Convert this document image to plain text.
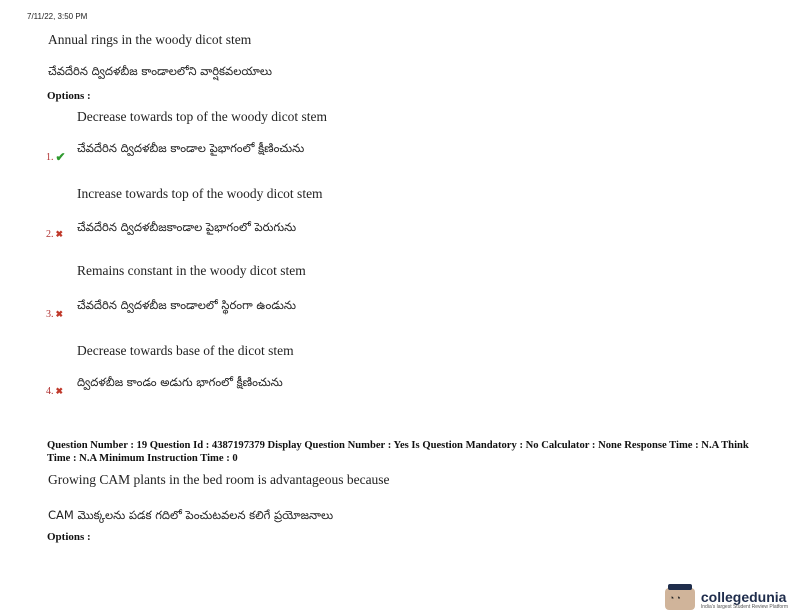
7/11/22, 3:50 PM
Annual rings in the woody dicot stem
చేవదేరిన ద్విదళబీజ కాండాలలోని వార్షికవలయాలు
Options :
Decrease towards top of the woody dicot stem
1. ✔
చేవదేరిన ద్విదళబీజ కాండాల పైభాగంలో క్షీణించును
Increase towards top of the woody dicot stem
2. ✖ చేవదేరిన ద్విదళబీజకాండాల పైభాగంలో పెరుగును
Remains constant in the woody dicot stem
3. ✖
చేవదేరిన ద్విదళబీజ కాండాలలో స్థిరంగా ఉండును
Decrease towards base of the dicot stem
4. ✖
ద్విదళబీజ కాండం అడుగు భాగంలో క్షీణించును
Question Number : 19 Question Id : 4387197379 Display Question Number : Yes Is Question Mandatory : No Calculator : None Response Time : N.A Think Time : N.A Minimum Instruction Time : 0
Growing CAM plants in the bed room is advantageous because
CAM మొక్కలను పడక గదిలో పెంచుటవలన కలిగే ప్రయోజనాలు
Options :
◔◔
collegedunia
India's largest Student Review Platform
